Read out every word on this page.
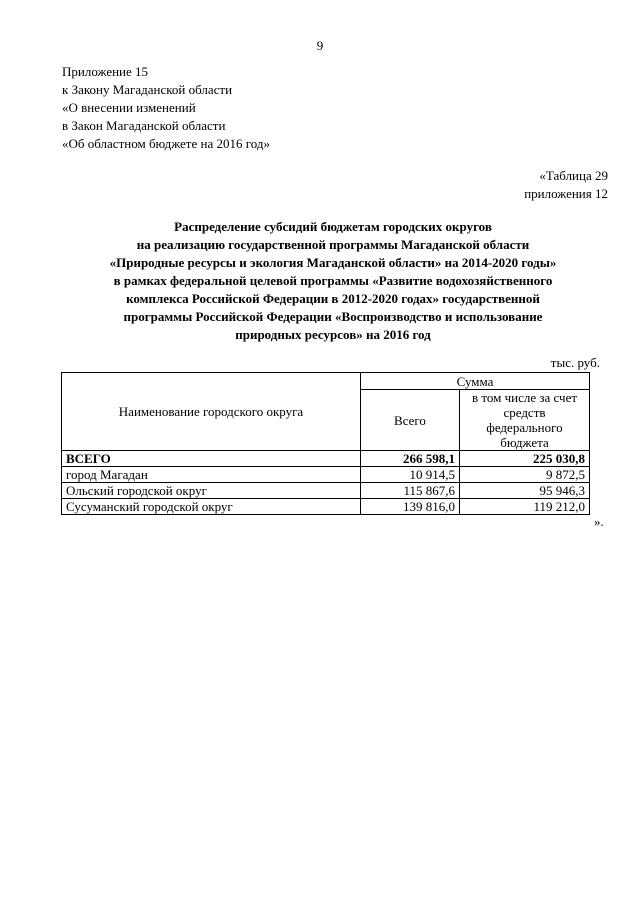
9
Приложение 15
к Закону Магаданской области
«О внесении изменений
в Закон Магаданской области
«Об областном бюджете на 2016 год»
«Таблица 29
приложения 12
Распределение субсидий бюджетам городских округов
на реализацию государственной программы Магаданской области
«Природные ресурсы и экология Магаданской области» на 2014-2020 годы»
в рамках федеральной целевой программы «Развитие водохозяйственного
комплекса Российской Федерации в 2012-2020 годах» государственной
программы Российской Федерации «Воспроизводство и использование
природных ресурсов» на 2016 год
тыс. руб.
Наименование городского округа	Сумма	
	Всего	в том числе за счет средств федерального бюджета
ВСЕГО	266 598,1	225 030,8
город Магадан	10 914,5	9 872,5
Ольский городской округ	115 867,6	95 946,3
Сусуманский городской округ	139 816,0	119 212,0
».
